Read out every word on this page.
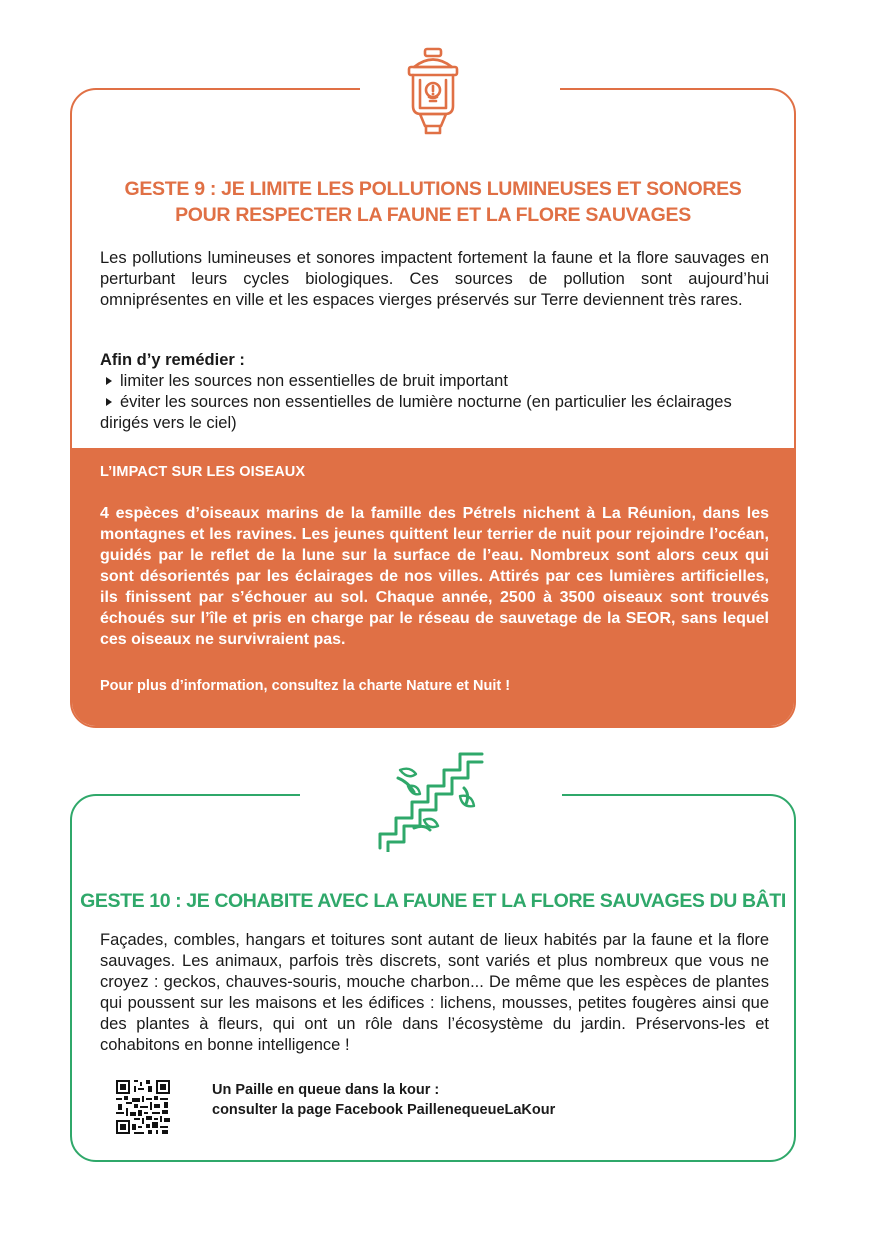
GESTE 9 : JE LIMITE LES POLLUTIONS LUMINEUSES ET SONORES
POUR RESPECTER LA FAUNE ET LA FLORE SAUVAGES

Les pollutions lumineuses et sonores impactent fortement la faune et la flore sauvages en perturbant leurs cycles biologiques. Ces sources de pollution sont aujourd’hui omniprésentes en ville et les espaces vierges préservés sur Terre deviennent très rares.

Afin d’y remédier :
limiter les sources non essentielles de bruit important
éviter les sources non essentielles de lumière nocturne (en particulier les éclairages dirigés vers le ciel)

L’IMPACT SUR LES OISEAUX

4 espèces d’oiseaux marins de la famille des Pétrels nichent à La Réunion, dans les montagnes et les ravines. Les jeunes quittent leur terrier de nuit pour rejoindre l’océan, guidés par le reflet de la lune sur la surface de l’eau. Nombreux sont alors ceux qui sont désorientés par les éclairages de nos villes. Attirés par ces lumières artificielles, ils finissent par s’échouer au sol. Chaque année, 2500 à 3500 oiseaux sont trouvés échoués sur l’île et pris en charge par le réseau de sauvetage de la SEOR, sans lequel ces oiseaux ne survivraient pas.

Pour plus d’information, consultez la charte Nature et Nuit !

GESTE 10 : JE COHABITE AVEC LA FAUNE ET LA FLORE SAUVAGES DU BÂTI

Façades, combles, hangars et toitures sont autant de lieux habités par la faune et la flore sauvages. Les animaux, parfois très discrets, sont variés et plus nombreux que vous ne croyez : geckos, chauves-souris, mouche charbon... De même que les espèces de plantes qui poussent sur les maisons et les édifices : lichens, mousses, petites fougères ainsi que des plantes à fleurs, qui ont un rôle dans l’écosystème du jardin. Préservons-les et cohabitons en bonne intelligence !

Un Paille en queue dans la kour :
consulter la page Facebook PaillenequeueLaKour
